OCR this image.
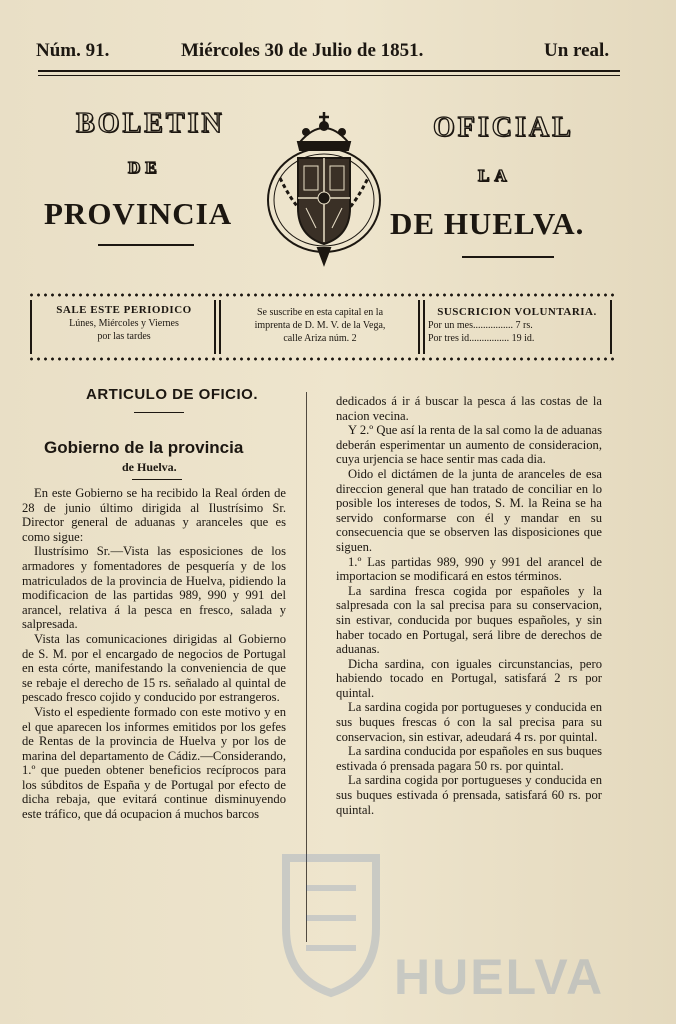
Núm. 91.	Miércoles 30 de Julio de 1851.	Un real.
BOLETIN	OFICIAL
DE	LA
PROVINCIA	DE HUELVA.
SALE ESTE PERIODICO
Lúnes, Miércoles y Viernes
por las tardes
Se suscribe en esta capital en la
imprenta de D. M. V. de la Vega,
calle Ariza núm. 2
SUSCRICION VOLUNTARIA.
Por un mes................ 7 rs.
Por tres id................ 19 id.
ARTICULO DE OFICIO.
Gobierno de la provincia
de Huelva.

En este Gobierno se ha recibido la Real órden de 28 de junio último dirigida al Ilustrísimo Sr. Director general de aduanas y aranceles que es como sigue:

Ilustrísimo Sr.—Vista las esposiciones de los armadores y fomentadores de pesquería y de los matriculados de la provincia de Huelva, pidiendo la modificacion de las partidas 989, 990 y 991 del arancel, relativa á la pesca en fresco, salada y salpresada.

Vista las comunicaciones dirigidas al Gobierno de S. M. por el encargado de negocios de Portugal en esta córte, manifestando la conveniencia de que se rebaje el derecho de 15 rs. señalado al quintal de pescado fresco cojido y conducido por estrangeros.

Visto el espediente formado con este motivo y en el que aparecen los informes emitidos por los gefes de Rentas de la provincia de Huelva y por los de marina del departamento de Cádiz.—Considerando, 1.º que pueden obtener beneficios recíprocos para los súbditos de España y de Portugal por efecto de dicha rebaja, que evitará continue disminuyendo este tráfico, que dá ocupacion á muchos barcos

dedicados á ir á buscar la pesca á las costas de la nacion vecina.

Y 2.º Que así la renta de la sal como la de aduanas deberán esperimentar un aumento de consideracion, cuya urjencia se hace sentir mas cada dia.

Oido el dictámen de la junta de aranceles de esa direccion general que han tratado de conciliar en lo posible los intereses de todos, S. M. la Reina se ha servido conformarse con él y mandar en su consecuencia que se observen las disposiciones que siguen.

1.º Las partidas 989, 990 y 991 del arancel de importacion se modificará en estos términos.

La sardina fresca cogida por españoles y la salpresada con la sal precisa para su conservacion, sin estivar, conducida por buques españoles, y sin haber tocado en Portugal, será libre de derechos de aduanas.

Dicha sardina, con iguales circunstancias, pero habiendo tocado en Portugal, satisfará 2 rs por quintal.

La sardina cogida por portugueses y conducida en sus buques frescas ó con la sal precisa para su conservacion, sin estivar, adeudará 4 rs. por quintal.

La sardina conducida por españoles en sus buques estivada ó prensada pagara 50 rs. por quintal.

La sardina cogida por portugueses y conducida en sus buques estivada ó prensada, satisfará 60 rs. por quintal.

HUELVA
